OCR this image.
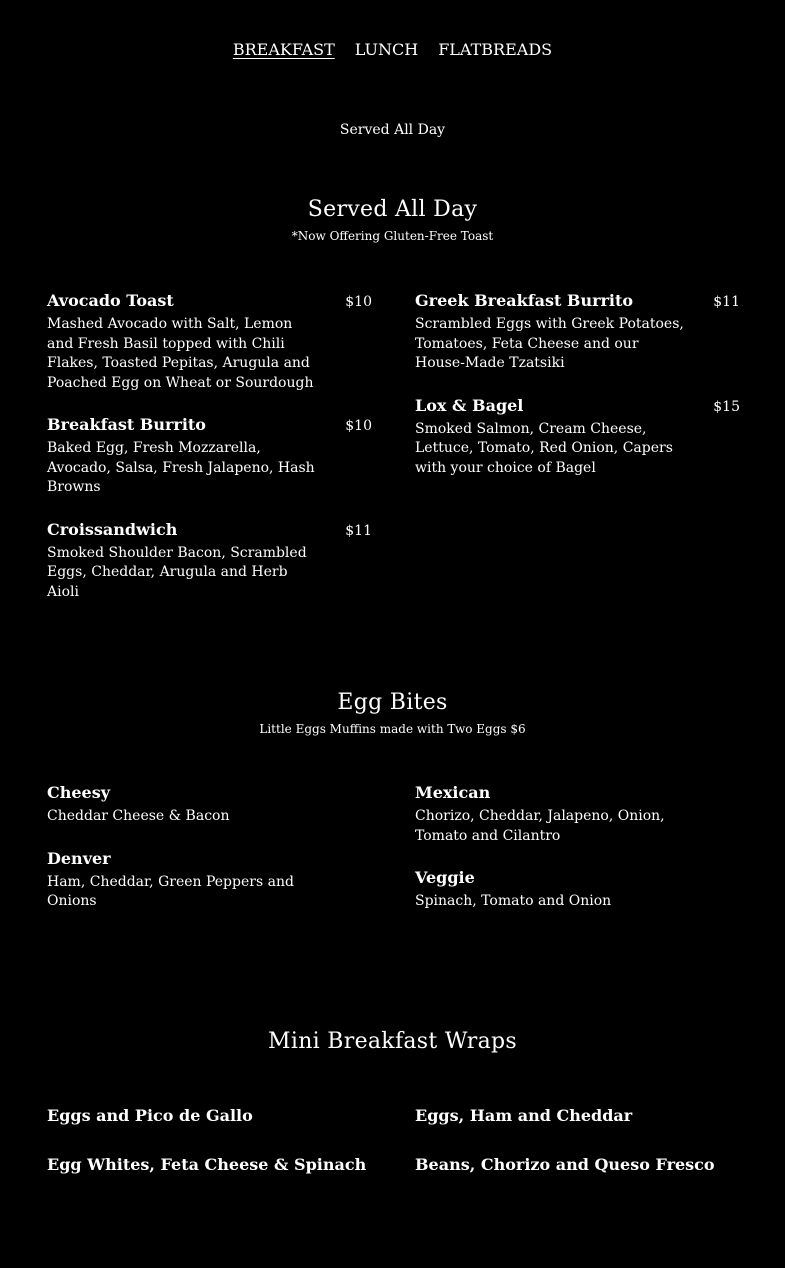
BREAKFAST LUNCH FLATBREADS
Served All Day
Served All Day
*Now Offering Gluten-Free Toast
Avocado Toast	$10
Mashed Avocado with Salt, Lemon and Fresh Basil topped with Chili Flakes, Toasted Pepitas, Arugula and Poached Egg on Wheat or Sourdough
Breakfast Burrito	$10
Baked Egg, Fresh Mozzarella, Avocado, Salsa, Fresh Jalapeno, Hash Browns
Croissandwich	$11
Smoked Shoulder Bacon, Scrambled Eggs, Cheddar, Arugula and Herb Aioli
Greek Breakfast Burrito	$11
Scrambled Eggs with Greek Potatoes, Tomatoes, Feta Cheese and our House-Made Tzatsiki
Lox & Bagel	$15
Smoked Salmon, Cream Cheese, Lettuce, Tomato, Red Onion, Capers with your choice of Bagel
Egg Bites
Little Eggs Muffins made with Two Eggs $6
Cheesy
Cheddar Cheese & Bacon
Denver
Ham, Cheddar, Green Peppers and Onions
Mexican
Chorizo, Cheddar, Jalapeno, Onion, Tomato and Cilantro
Veggie
Spinach, Tomato and Onion
Mini Breakfast Wraps
Eggs and Pico de Gallo
Egg Whites, Feta Cheese & Spinach
Eggs, Ham and Cheddar
Beans, Chorizo and Queso Fresco
